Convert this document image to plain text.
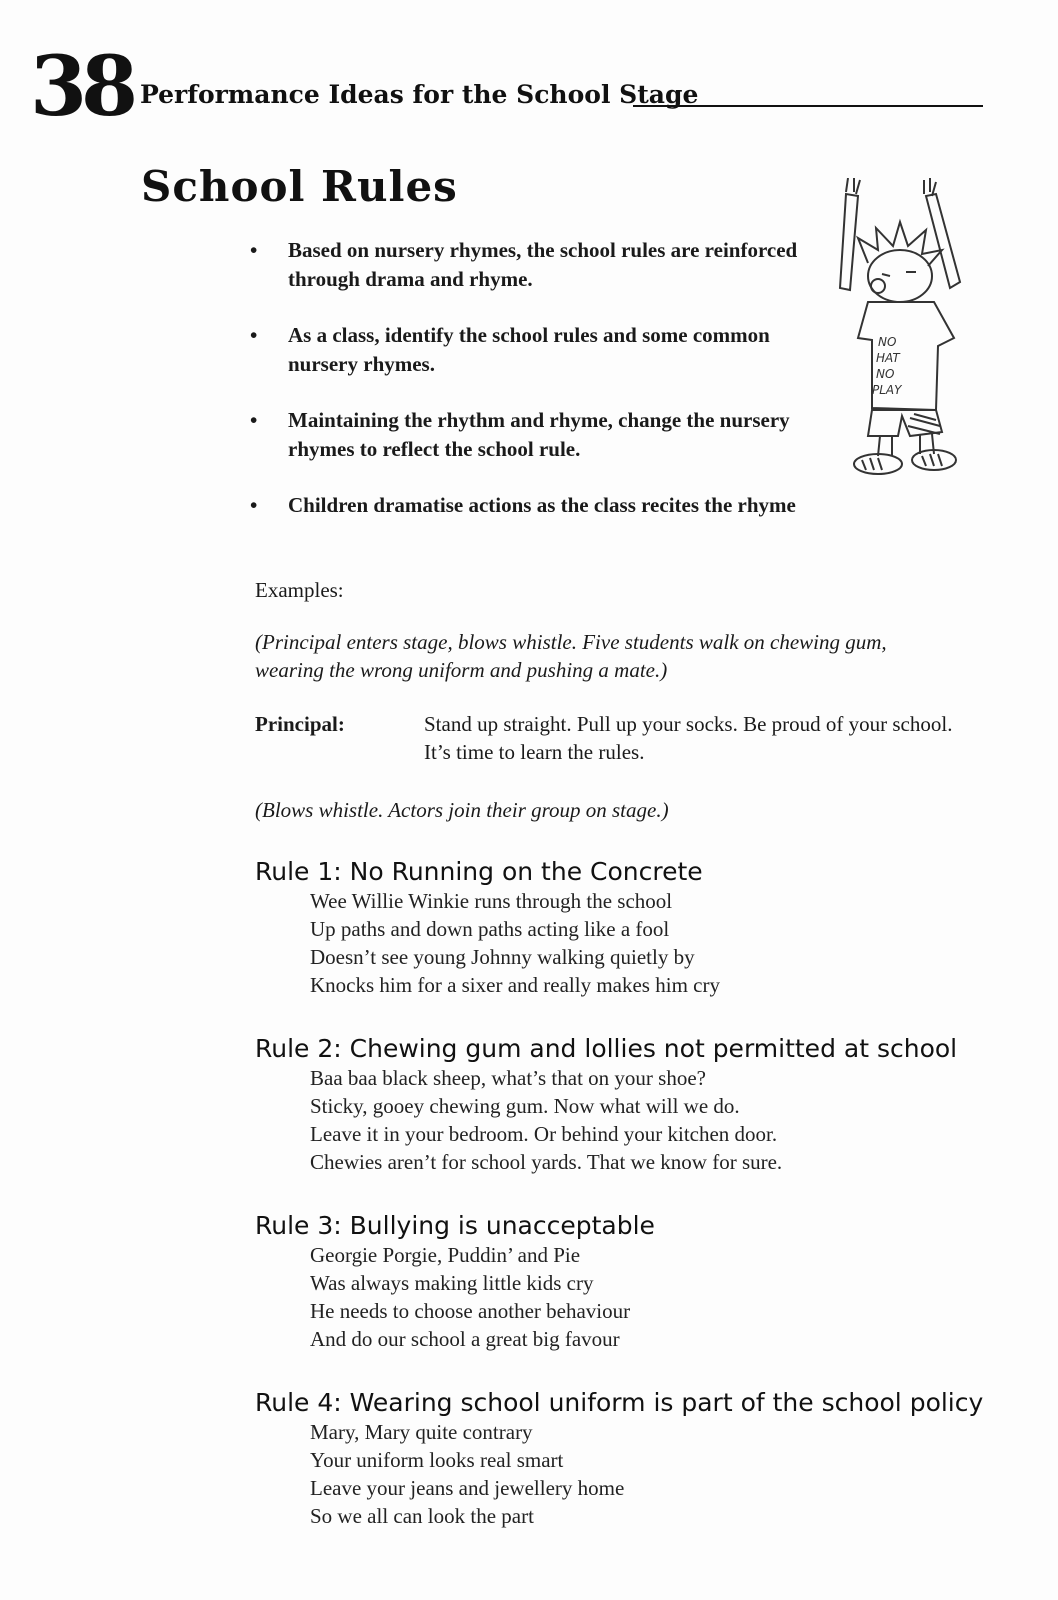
38 Performance Ideas for the School Stage
School Rules
• Based on nursery rhymes, the school rules are reinforced through drama and rhyme.
• As a class, identify the school rules and some common nursery rhymes.
• Maintaining the rhythm and rhyme, change the nursery rhymes to reflect the school rule.
• Children dramatise actions as the class recites the rhyme
NO
HAT
NO
PLAY
Examples:
(Principal enters stage, blows whistle. Five students walk on chewing gum, wearing the wrong uniform and pushing a mate.)
Principal:	Stand up straight. Pull up your socks. Be proud of your school. It’s time to learn the rules.
(Blows whistle. Actors join their group on stage.)
Rule 1: No Running on the Concrete
Wee Willie Winkie runs through the school
Up paths and down paths acting like a fool
Doesn’t see young Johnny walking quietly by
Knocks him for a sixer and really makes him cry
Rule 2: Chewing gum and lollies not permitted at school
Baa baa black sheep, what’s that on your shoe?
Sticky, gooey chewing gum. Now what will we do.
Leave it in your bedroom. Or behind your kitchen door.
Chewies aren’t for school yards. That we know for sure.
Rule 3: Bullying is unacceptable
Georgie Porgie, Puddin’ and Pie
Was always making little kids cry
He needs to choose another behaviour
And do our school a great big favour
Rule 4: Wearing school uniform is part of the school policy
Mary, Mary quite contrary
Your uniform looks real smart
Leave your jeans and jewellery home
So we all can look the part
